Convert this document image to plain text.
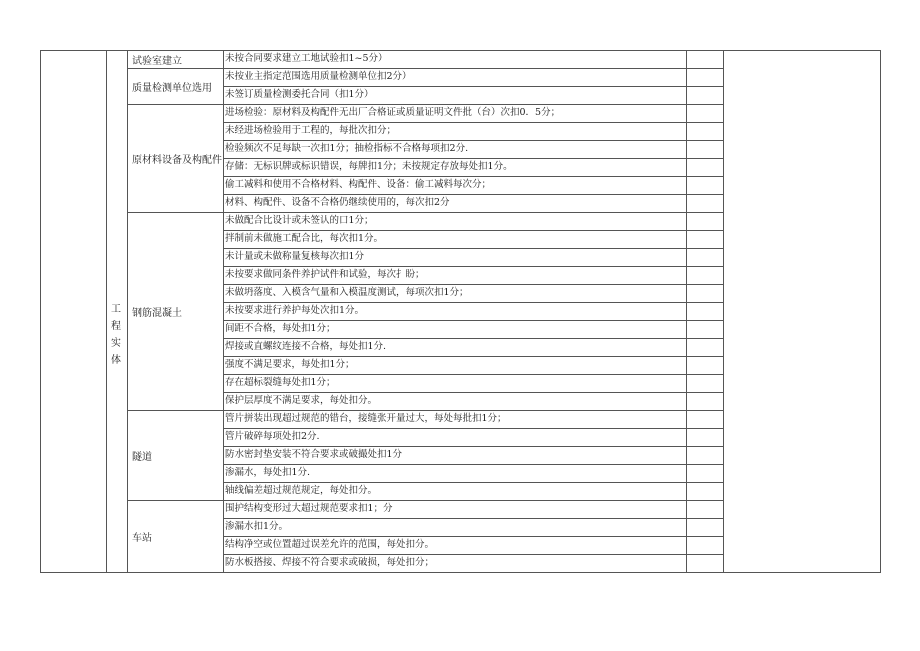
未按合同要求建立工地试验扣1~5分）
试验室建立
未按业主指定范围选用质量检测单位扣2分）
未签订质量检测委托合同（扣1分）
质量检测单位选用
进场检验：原材料及构配件无出厂合格证或质量证明文件批（台）次扣0．5分；
未经进场检验用于工程的，每批次扣分；
检验频次不足每缺一次扣1分；抽检指标不合格每项扣2分.
存储：无标识牌或标识错误，每牌扣1分；未按规定存放每处扣1分。
偷工减料和使用不合格材料、构配件、设备：偷工减料每次分；
材料、构配件、设备不合格仍继续使用的，每次扣2分
原材料设备及构配件
未做配合比设计或未签认的口1分；
拌制前未做施工配合比，每次扣1分。
未计量或未做称量复核每次扣1分
未按要求做同条件养护试件和试验，每次扌盼；
未做坍落度、入模含气量和入模温度测试，每项次扣1分；
未按要求进行养护每处次扣1分。
间距不合格，每处扣1分；
焊接或直螺纹连接不合格，每处扣1分.
强度不满足要求，每处扣1分；
存在超标裂缝每处扣1分；
保护层厚度不满足要求，每处扣分。
钢筋混凝土
管片拼装出现超过规范的错台，接缝张开量过大，每处每批扣1分；
管片破碎每项处扣2分.
防水密封垫安装不符合要求或破撮处扣1分
渗漏水，每处扣1分.
轴线偏差超过规范规定，每处扣分。
隧道
围护结构变形过大超过规范要求扣1；分
渗漏水扣1分。
结构净空或位置超过误差允许的范围，每处扣分。
防水板搭接、焊接不符合要求或破损，每处扣分；
车站
工
程
实
体
